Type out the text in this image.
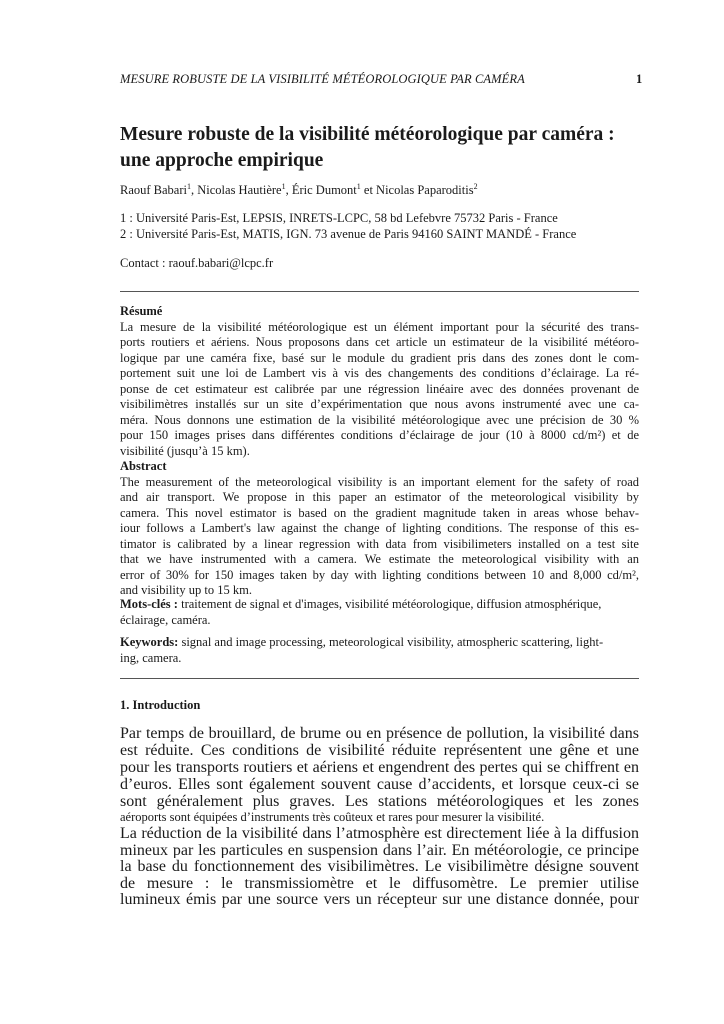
MESURE ROBUSTE DE LA VISIBILITÉ MÉTÉOROLOGIQUE PAR CAMÉRA	1
Mesure robuste de la visibilité météorologique par caméra :
une approche empirique
Raouf Babari$^1$, Nicolas Hautière$^1$, Éric Dumont$^1$ et Nicolas Paparoditis$^2$
1 : Université Paris-Est, LEPSIS, INRETS-LCPC, 58 bd Lefebvre 75732 Paris - France
2 : Université Paris-Est, MATIS, IGN. 73 avenue de Paris 94160 SAINT MANDÉ - France
Contact : raouf.babari@lcpc.fr
Résumé
La mesure de la visibilité météorologique est un élément important pour la sécurité des trans-
ports routiers et aériens. Nous proposons dans cet article un estimateur de la visibilité météoro-
logique par une caméra fixe, basé sur le module du gradient pris dans des zones dont le com-
portement suit une loi de Lambert vis à vis des changements des conditions d’éclairage. La ré-
ponse de cet estimateur est calibrée par une régression linéaire avec des données provenant de
visibilimètres installés sur un site d’expérimentation que nous avons instrumenté avec une ca-
méra. Nous donnons une estimation de la visibilité météorologique avec une précision de 30 %
pour 150 images prises dans différentes conditions d’éclairage de jour (10 à 8000 cd/m²) et de
visibilité (jusqu’à 15 km).
Abstract
The measurement of the meteorological visibility is an important element for the safety of road
and air transport. We propose in this paper an estimator of the meteorological visibility by
camera. This novel estimator is based on the gradient magnitude taken in areas whose behav-
iour follows a Lambert's law against the change of lighting conditions. The response of this es-
timator is calibrated by a linear regression with data from visibilimeters installed on a test site
that we have instrumented with a camera. We estimate the meteorological visibility with an
error of 30% for 150 images taken by day with lighting conditions between 10 and 8,000 cd/m²,
and visibility up to 15 km.
Mots-clés : traitement de signal et d'images, visibilité météorologique, diffusion atmosphérique,
éclairage, caméra.
Keywords: signal and image processing, meteorological visibility, atmospheric scattering, light-
ing, camera.
1. Introduction
Par temps de brouillard, de brume ou en présence de pollution, la visibilité dans
est réduite. Ces conditions de visibilité réduite représentent une gêne et une
pour les transports routiers et aériens et engendrent des pertes qui se chiffrent en
d’euros. Elles sont également souvent cause d’accidents, et lorsque ceux-ci se
sont généralement plus graves. Les stations météorologiques et les zones
aéroports sont équipées d’instruments très coûteux et rares pour mesurer la visibilité.
La réduction de la visibilité dans l’atmosphère est directement liée à la diffusion
mineux par les particules en suspension dans l’air. En météorologie, ce principe
la base du fonctionnement des visibilimètres. Le visibilimètre désigne souvent
de mesure : le transmissiomètre et le diffusomètre. Le premier utilise
lumineux émis par une source vers un récepteur sur une distance donnée, pour
